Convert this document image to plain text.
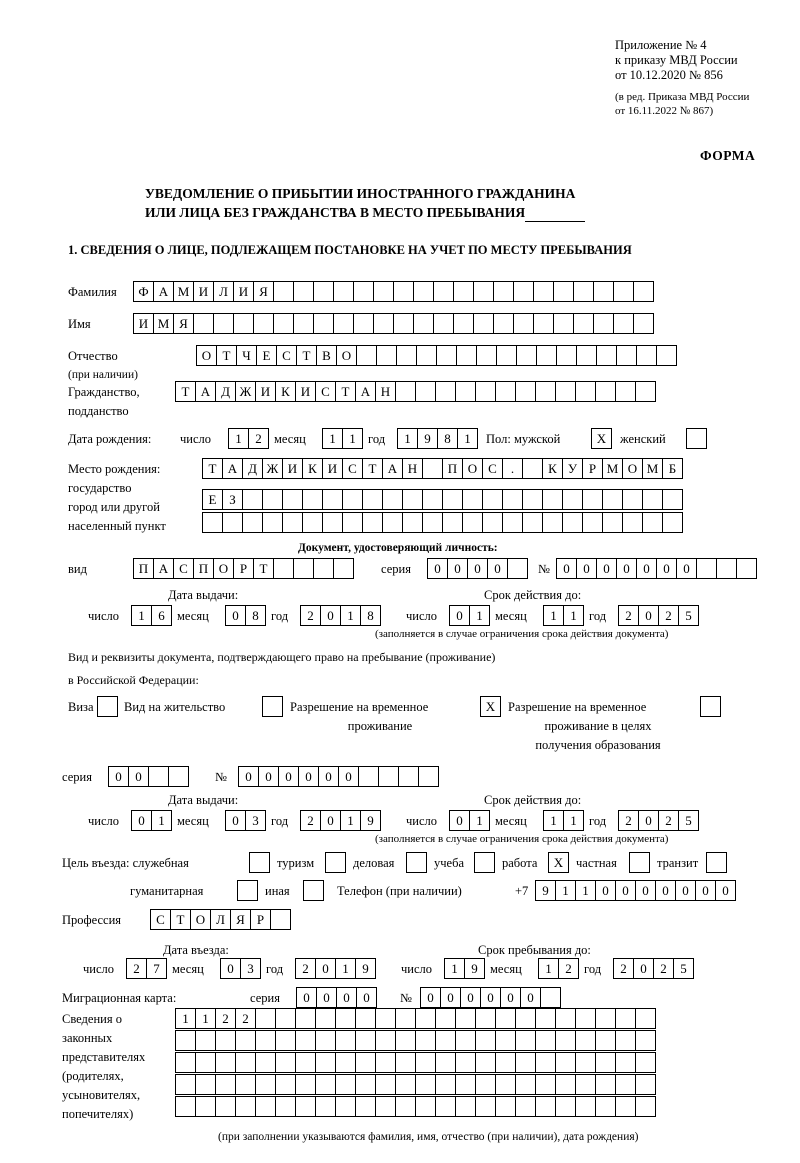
Приложение № 4
к приказу МВД России
от 10.12.2020 № 856
(в ред. Приказа МВД России
от 16.11.2022 № 867)
ФОРМА
УВЕДОМЛЕНИЕ О ПРИБЫТИИ ИНОСТРАННОГО ГРАЖДАНИНА
ИЛИ ЛИЦА БЕЗ ГРАЖДАНСТВА В МЕСТО ПРЕБЫВАНИЯ
1. СВЕДЕНИЯ О ЛИЦЕ, ПОДЛЕЖАЩЕМ ПОСТАНОВКЕ НА УЧЕТ ПО МЕСТУ ПРЕБЫВАНИЯ
Фамилия	Ф А М И Л И Я
Имя	И М Я
Отчество
(при наличии)
О Т Ч Е С Т В О
Гражданство,
подданство
Т А Д Ж И К И С Т А Н
Дата рождения: число	1	2 месяц	1	1 год	1	9	8	1	Пол: мужской	X	женский
Место рождения:
государство
Т А Д Ж И К И С Т А Н	П О С	.	К У Р М О М Б
город или другой
населенный пункт
Е З
Документ, удостоверяющий личность:
вид	П А С П О Р Т	серия	0	0	0	0	№	0	0	0	0	0	0	0
Дата выдачи:	Срок действия до:
число	1	6 месяц	0	8 год	2	0	1	8	число	0	1 месяц	1	1 год	2	0	2	5
(заполняется в случае ограничения срока действия документа)
Вид и реквизиты документа, подтверждающего право на пребывание (проживание)
в Российской Федерации:
Виза Вид на жительство	Разрешение на временное
проживание
X	Разрешение на временное
проживание в целях
получения образования
серия	0	0	№	0	0	0	0	0	0
Дата выдачи:	Срок действия до:
число	0	1 месяц	0	3 год	2	0	1	9	число	0	1 месяц	1	1 год	2	0	2	5
(заполняется в случае ограничения срока действия документа)
Цель въезда: служебная	туризм	деловая	учеба	работа	X	частная	транзит
гуманитарная	иная	Телефон (при наличии)	+7	9	1	1	0	0	0	0	0	0	0
Профессия	С Т О Л Я Р
Дата въезда:	Срок пребывания до:
число	2	7 месяц	0	3 год	2	0	1	9	число	1	9 месяц	1	2 год	2	0	2	5
Миграционная карта:	серия	0	0	0	0	№	0	0	0	0	0	0
Сведения о
законных
представителях
(родителях,
усыновителях,
попечителях)
1	1	2	2
(при заполнении указываются фамилия, имя, отчество (при наличии), дата рождения)
